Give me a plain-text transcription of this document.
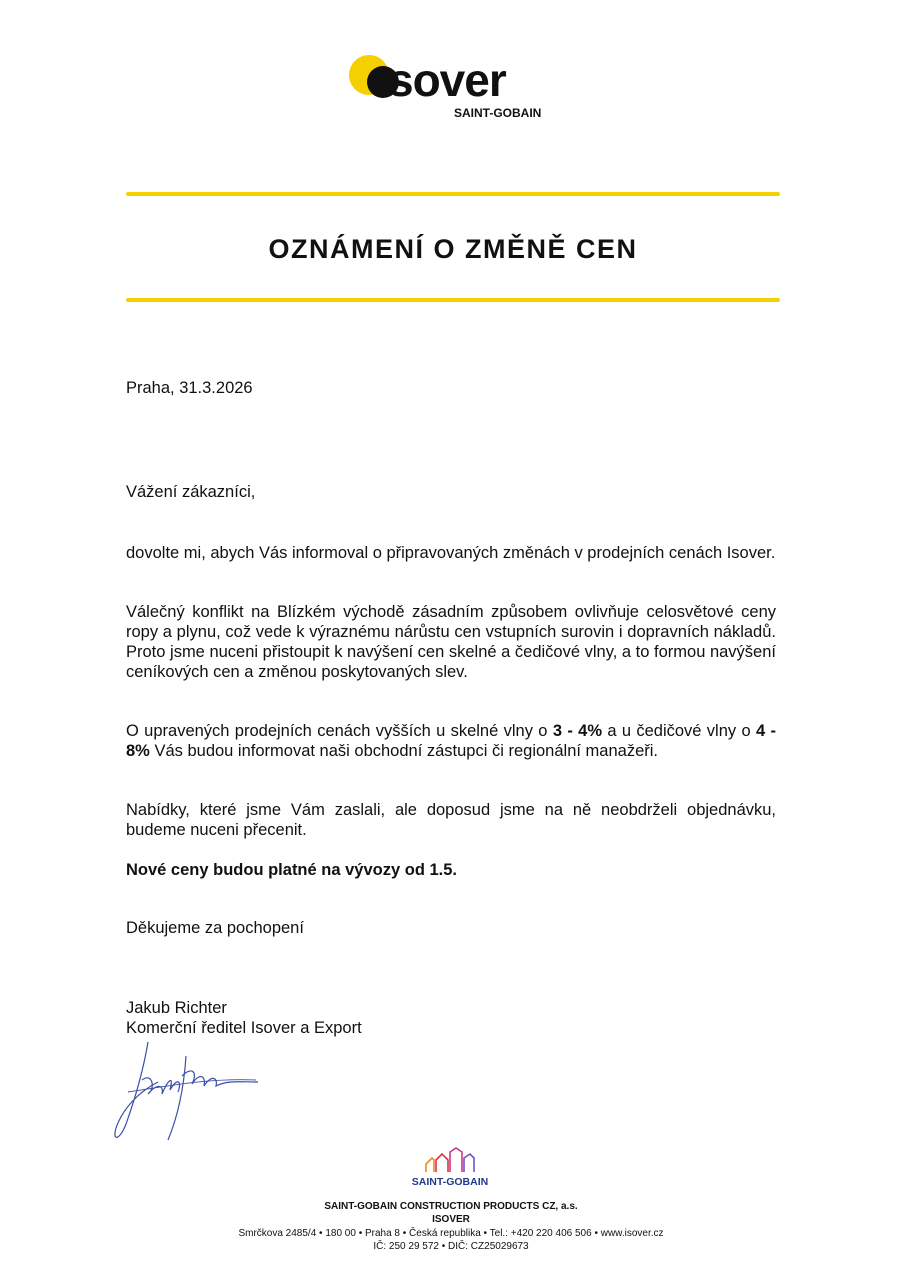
sover
SAINT-GOBAIN
OZNÁMENÍ O ZMĚNĚ CEN
Praha, 31.3.2026
Vážení zákazníci,
dovolte mi, abych Vás informoval o připravovaných změnách v prodejních cenách Isover.
Válečný konflikt na Blízkém východě zásadním způsobem ovlivňuje celosvětové ceny ropy a plynu, což vede k výraznému nárůstu cen vstupních surovin i dopravních nákladů. Proto jsme nuceni přistoupit k navýšení cen skelné a čedičové vlny, a to formou navýšení ceníkových cen a změnou poskytovaných slev.
O upravených prodejních cenách vyšších u skelné vlny o 3 - 4% a u čedičové vlny o 4 - 8% Vás budou informovat naši obchodní zástupci či regionální manažeři.
Nabídky, které jsme Vám zaslali, ale doposud jsme na ně neobdrželi objednávku, budeme nuceni přecenit.
Nové ceny budou platné na vývozy od 1.5.
Děkujeme za pochopení
Jakub Richter
Komerční ředitel Isover a Export
SAINT-GOBAIN
SAINT-GOBAIN CONSTRUCTION PRODUCTS CZ, a.s.
ISOVER
Smrčkova 2485/4 • 180 00 • Praha 8 • Česká republika • Tel.: +420 220 406 506 • www.isover.cz
IČ: 250 29 572 • DIČ: CZ25029673
